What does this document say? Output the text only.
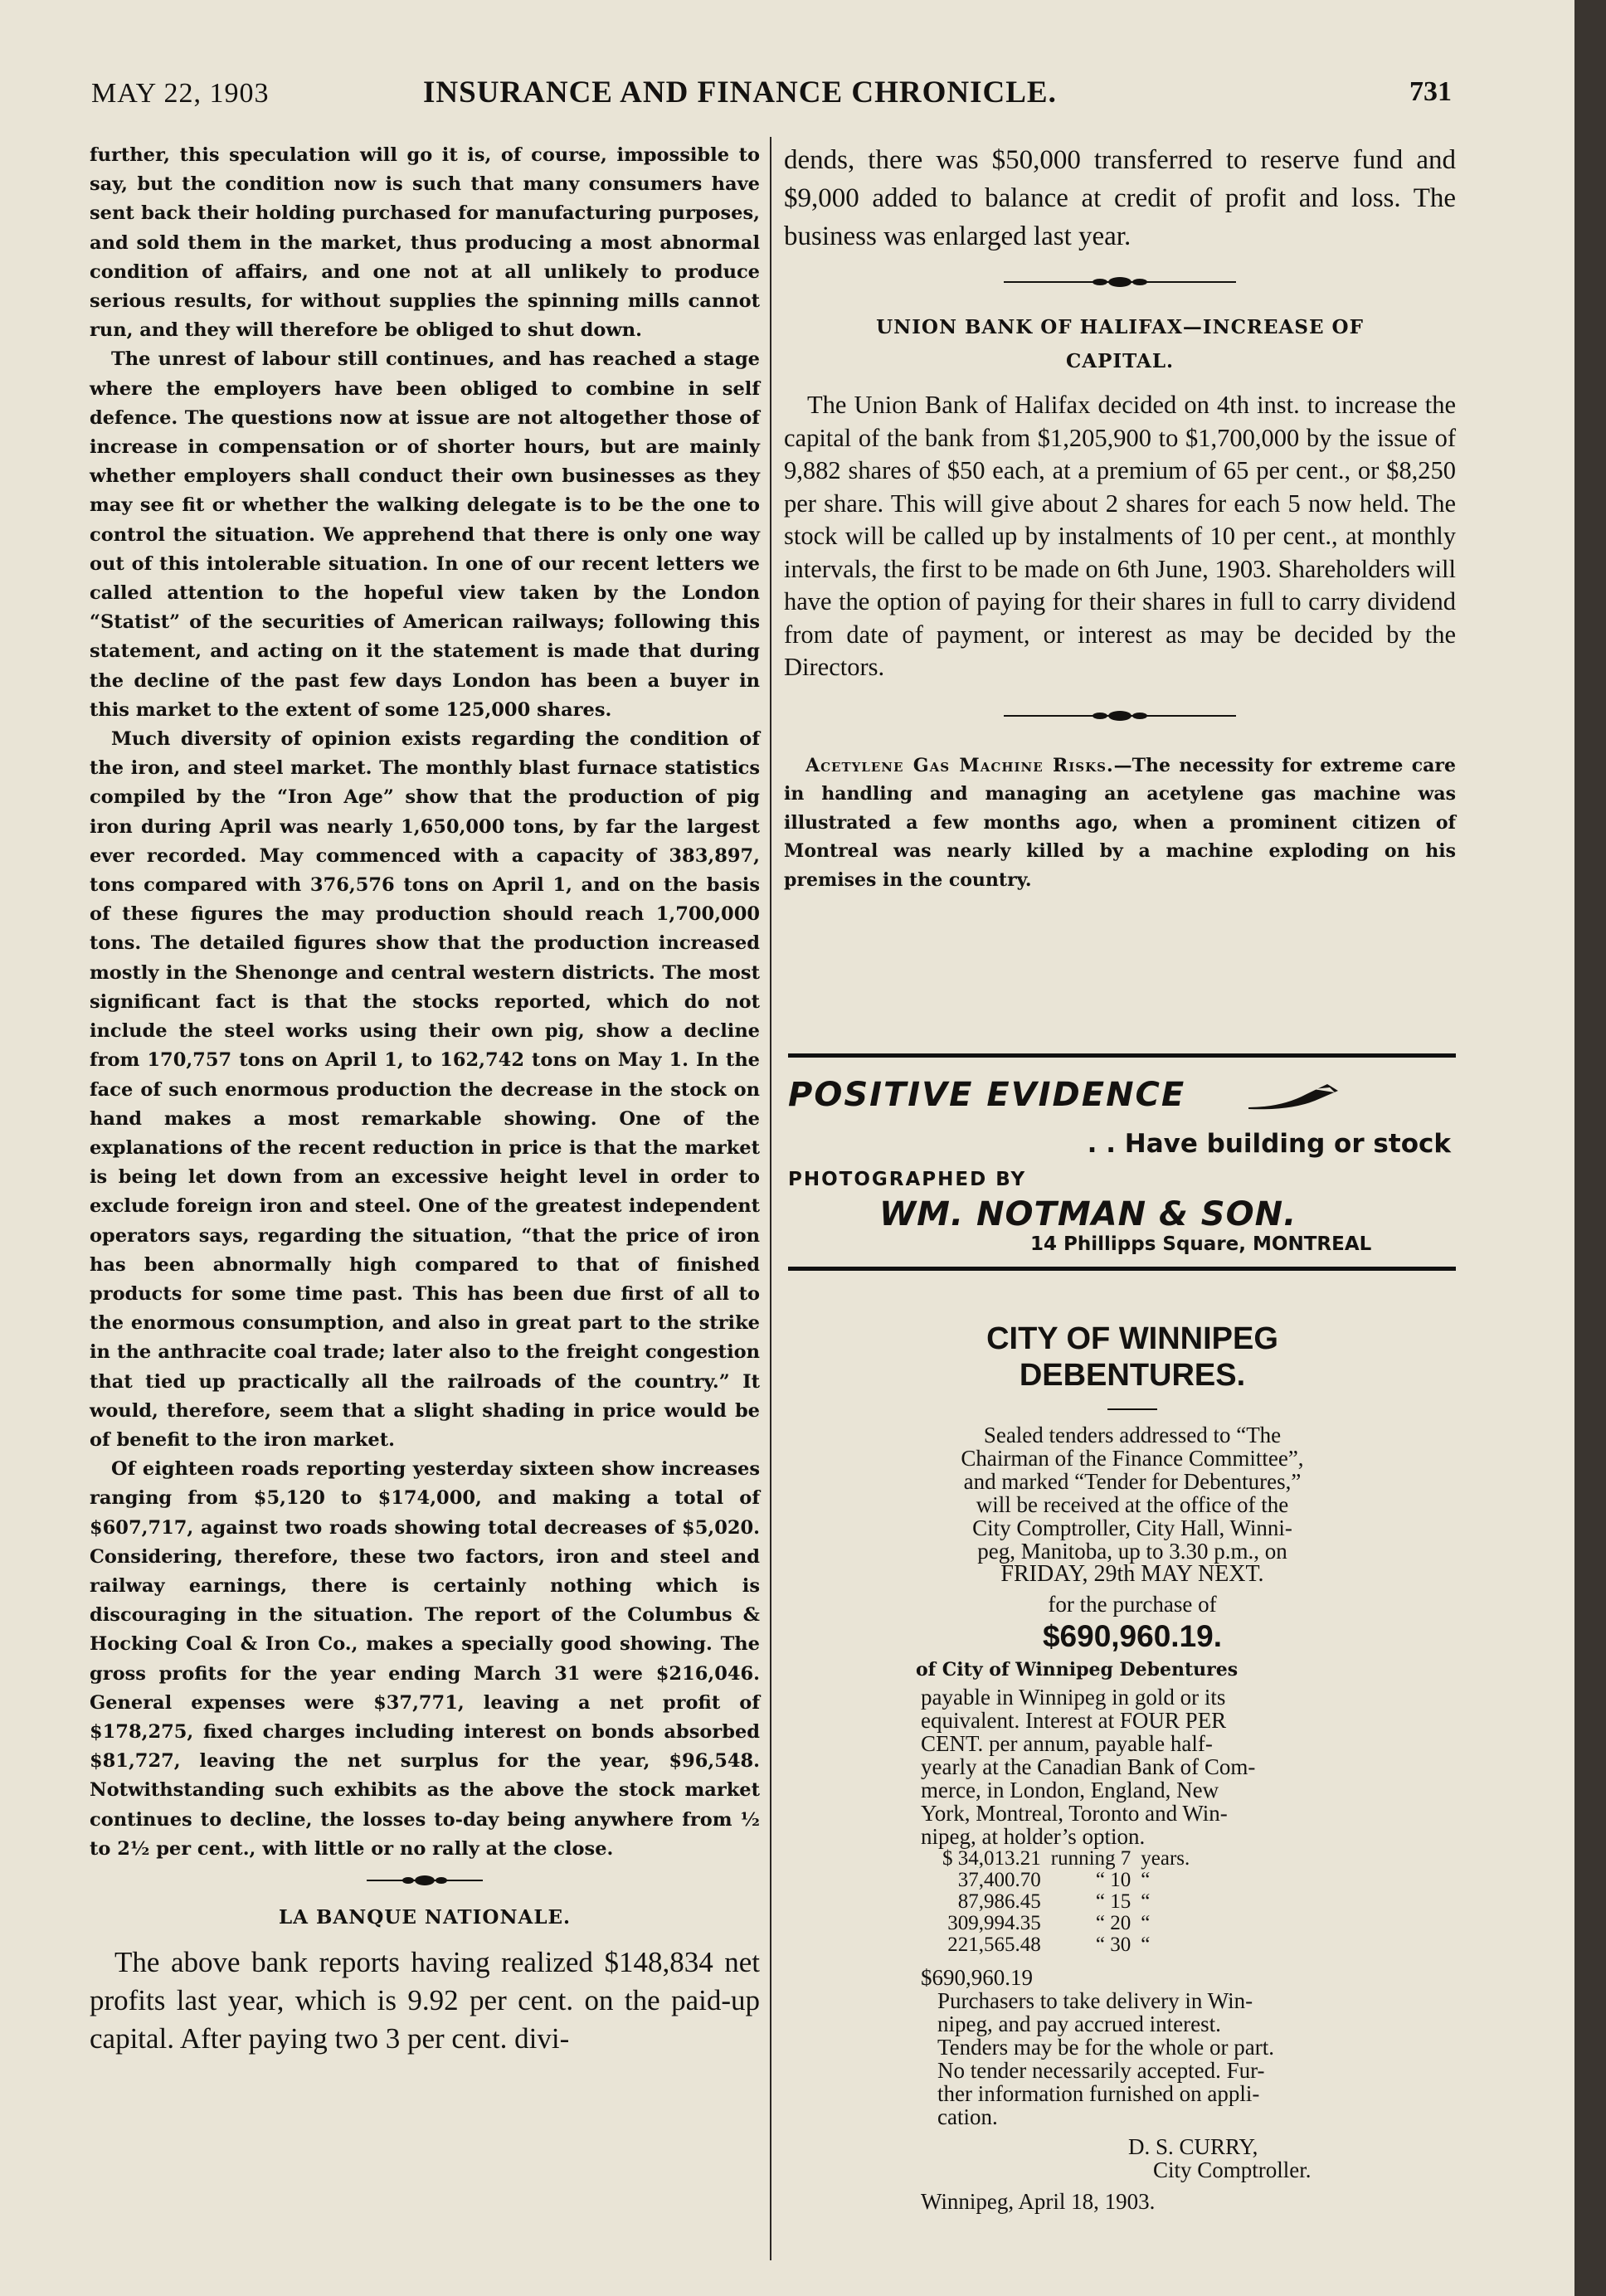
MAY 22, 1903	INSURANCE AND FINANCE CHRONICLE.	731

further, this speculation will go it is, of course, impossible to say, but the condition now is such that many consumers have sent back their holding purchased for manufacturing purposes, and sold them in the market, thus producing a most abnormal condition of affairs, and one not at all unlikely to produce serious results, for without supplies the spinning mills cannot run, and they will therefore be obliged to shut down.

The unrest of labour still continues, and has reached a stage where the employers have been obliged to combine in self defence. The questions now at issue are not altogether those of increase in compensation or of shorter hours, but are mainly whether employers shall conduct their own businesses as they may see fit or whether the walking delegate is to be the one to control the situation. We apprehend that there is only one way out of this intolerable situation. In one of our recent letters we called attention to the hopeful view taken by the London “Statist” of the securities of American railways; following this statement, and acting on it the statement is made that during the decline of the past few days London has been a buyer in this market to the extent of some 125,000 shares.

Much diversity of opinion exists regarding the condition of the iron, and steel market. The monthly blast furnace statistics compiled by the “Iron Age” show that the production of pig iron during April was nearly 1,650,000 tons, by far the largest ever recorded. May commenced with a capacity of 383,897, tons compared with 376,576 tons on April 1, and on the basis of these figures the may production should reach 1,700,000 tons. The detailed figures show that the production increased mostly in the Shenonge and central western districts. The most significant fact is that the stocks reported, which do not include the steel works using their own pig, show a decline from 170,757 tons on April 1, to 162,742 tons on May 1. In the face of such enormous production the decrease in the stock on hand makes a most remarkable showing. One of the explanations of the recent reduction in price is that the market is being let down from an excessive height level in order to exclude foreign iron and steel. One of the greatest independent operators says, regarding the situation, “that the price of iron has been abnormally high compared to that of finished products for some time past. This has been due first of all to the enormous consumption, and also in great part to the strike in the anthracite coal trade; later also to the freight congestion that tied up practically all the railroads of the country.” It would, therefore, seem that a slight shading in price would be of benefit to the iron market.

Of eighteen roads reporting yesterday sixteen show increases ranging from $5,120 to $174,000, and making a total of $607,717, against two roads showing total decreases of $5,020. Considering, therefore, these two factors, iron and steel and railway earnings, there is certainly nothing which is discouraging in the situation. The report of the Columbus & Hocking Coal & Iron Co., makes a specially good showing. The gross profits for the year ending March 31 were $216,046. General expenses were $37,771, leaving a net profit of $178,275, fixed charges including interest on bonds absorbed $81,727, leaving the net surplus for the year, $96,548. Notwithstanding such exhibits as the above the stock market continues to decline, the losses to-day being anywhere from ½ to 2½ per cent., with little or no rally at the close.

LA BANQUE NATIONALE.

The above bank reports having realized $148,834 net profits last year, which is 9.92 per cent. on the paid-up capital. After paying two 3 per cent. divi-

dends, there was $50,000 transferred to reserve fund and $9,000 added to balance at credit of profit and loss. The business was enlarged last year.

UNION BANK OF HALIFAX—INCREASE OF

CAPITAL.

The Union Bank of Halifax decided on 4th inst. to increase the capital of the bank from $1,205,900 to $1,700,000 by the issue of 9,882 shares of $50 each, at a premium of 65 per cent., or $8,250 per share. This will give about 2 shares for each 5 now held. The stock will be called up by instalments of 10 per cent., at monthly intervals, the first to be made on 6th June, 1903. Shareholders will have the option of paying for their shares in full to carry dividend from date of payment, or interest as may be decided by the Directors.

Acetylene Gas Machine Risks.—The necessity for extreme care in handling and managing an acetylene gas machine was illustrated a few months ago, when a prominent citizen of Montreal was nearly killed by a machine exploding on his premises in the country.

POSITIVE EVIDENCE
. . Have building or stock
PHOTOGRAPHED BY
WM. NOTMAN & SON.
14 Phillipps Square, MONTREAL
CITY OF WINNIPEG
DEBENTURES.
Sealed tenders addressed to “The
Chairman of the Finance Committee”,
and marked “Tender for Debentures,”
will be received at the office of the
City Comptroller, City Hall, Winni-
peg, Manitoba, up to 3.30 p.m., on
FRIDAY, 29th MAY NEXT.
for the purchase of
$690,960.19.
of City of Winnipeg Debentures
payable in Winnipeg in gold or its
equivalent. Interest at FOUR PER
CENT. per annum, payable half-
yearly at the Canadian Bank of Com-
merce, in London, England, New
York, Montreal, Toronto and Win-
nipeg, at holder’s option.
$ 34,013.21	running 7	years.
37,400.70	“ 10	“
87,986.45	“ 15	“
309,994.35	“ 20	“
221,565.48	“ 30	“
$690,960.19
Purchasers to take delivery in Win-
nipeg, and pay accrued interest.
Tenders may be for the whole or part.
No tender necessarily accepted. Fur-
ther information furnished on appli-
cation.
D. S. CURRY,
City Comptroller.
Winnipeg, April 18, 1903.
